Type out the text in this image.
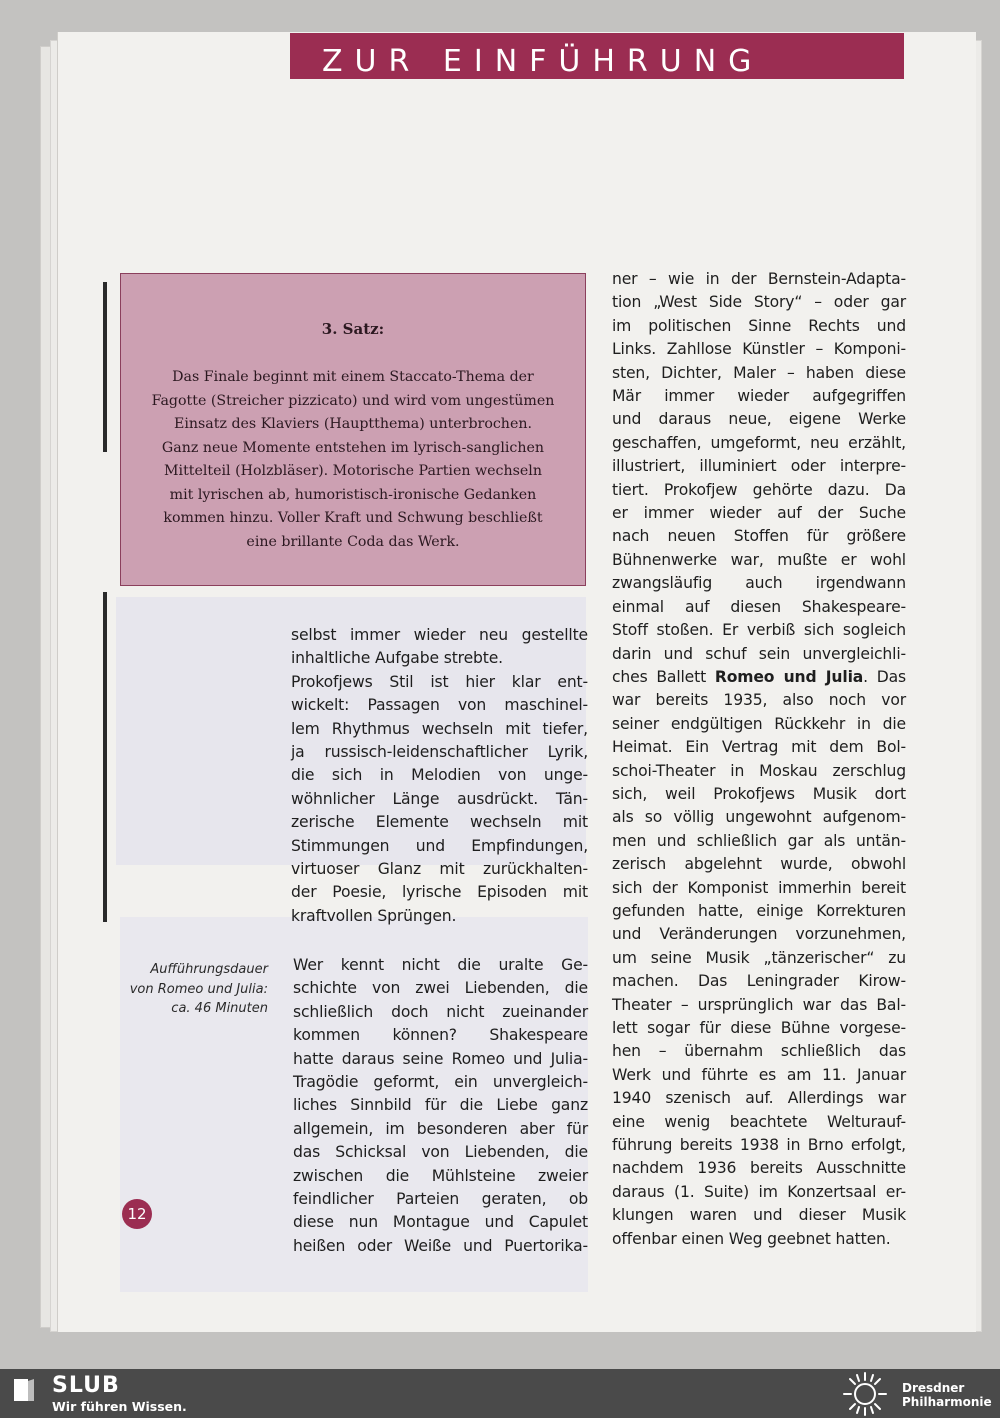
ZUR EINFÜHRUNG
3. Satz:
Das Finale beginnt mit einem Staccato-Thema der
Fagotte (Streicher pizzicato) und wird vom ungestümen
Einsatz des Klaviers (Hauptthema) unterbrochen.
Ganz neue Momente entstehen im lyrisch-sanglichen
Mittelteil (Holzbläser). Motorische Partien wechseln
mit lyrischen ab, humoristisch-ironische Gedanken
kommen hinzu. Voller Kraft und Schwung beschließt
eine brillante Coda das Werk.
selbst immer wieder neu gestellte
inhaltliche Aufgabe strebte.
Prokofjews Stil ist hier klar ent-
wickelt: Passagen von maschinel-
lem Rhythmus wechseln mit tiefer,
ja russisch-leidenschaftlicher Lyrik,
die sich in Melodien von unge-
wöhnlicher Länge ausdrückt. Tän-
zerische Elemente wechseln mit
Stimmungen und Empfindungen,
virtuoser Glanz mit zurückhalten-
der Poesie, lyrische Episoden mit
kraftvollen Sprüngen.
Wer kennt nicht die uralte Ge-
schichte von zwei Liebenden, die
schließlich doch nicht zueinander
kommen können? Shakespeare
hatte daraus seine Romeo und Julia-
Tragödie geformt, ein unvergleich-
liches Sinnbild für die Liebe ganz
allgemein, im besonderen aber für
das Schicksal von Liebenden, die
zwischen die Mühlsteine zweier
feindlicher Parteien geraten, ob
diese nun Montague und Capulet
heißen oder Weiße und Puertorika-
ner – wie in der Bernstein-Adapta-
tion „West Side Story“ – oder gar
im politischen Sinne Rechts und
Links. Zahllose Künstler – Komponi-
sten, Dichter, Maler – haben diese
Mär immer wieder aufgegriffen
und daraus neue, eigene Werke
geschaffen, umgeformt, neu erzählt,
illustriert, illuminiert oder interpre-
tiert. Prokofjew gehörte dazu. Da
er immer wieder auf der Suche
nach neuen Stoffen für größere
Bühnenwerke war, mußte er wohl
zwangsläufig auch irgendwann
einmal auf diesen Shakespeare-
Stoff stoßen. Er verbiß sich sogleich
darin und schuf sein unvergleichli-
ches Ballett Romeo und Julia. Das
war bereits 1935, also noch vor
seiner endgültigen Rückkehr in die
Heimat. Ein Vertrag mit dem Bol-
schoi-Theater in Moskau zerschlug
sich, weil Prokofjews Musik dort
als so völlig ungewohnt aufgenom-
men und schließlich gar als untän-
zerisch abgelehnt wurde, obwohl
sich der Komponist immerhin bereit
gefunden hatte, einige Korrekturen
und Veränderungen vorzunehmen,
um seine Musik „tänzerischer“ zu
machen. Das Leningrader Kirow-
Theater – ursprünglich war das Bal-
lett sogar für diese Bühne vorgese-
hen – übernahm schließlich das
Werk und führte es am 11. Januar
1940 szenisch auf. Allerdings war
eine wenig beachtete Welturauf-
führung bereits 1938 in Brno erfolgt,
nachdem 1936 bereits Ausschnitte
daraus (1. Suite) im Konzertsaal er-
klungen waren und dieser Musik
offenbar einen Weg geebnet hatten.
Aufführungsdauer
von Romeo und Julia:
ca. 46 Minuten
12
SLUB
Wir führen Wissen.
Dresdner
Philharmonie
